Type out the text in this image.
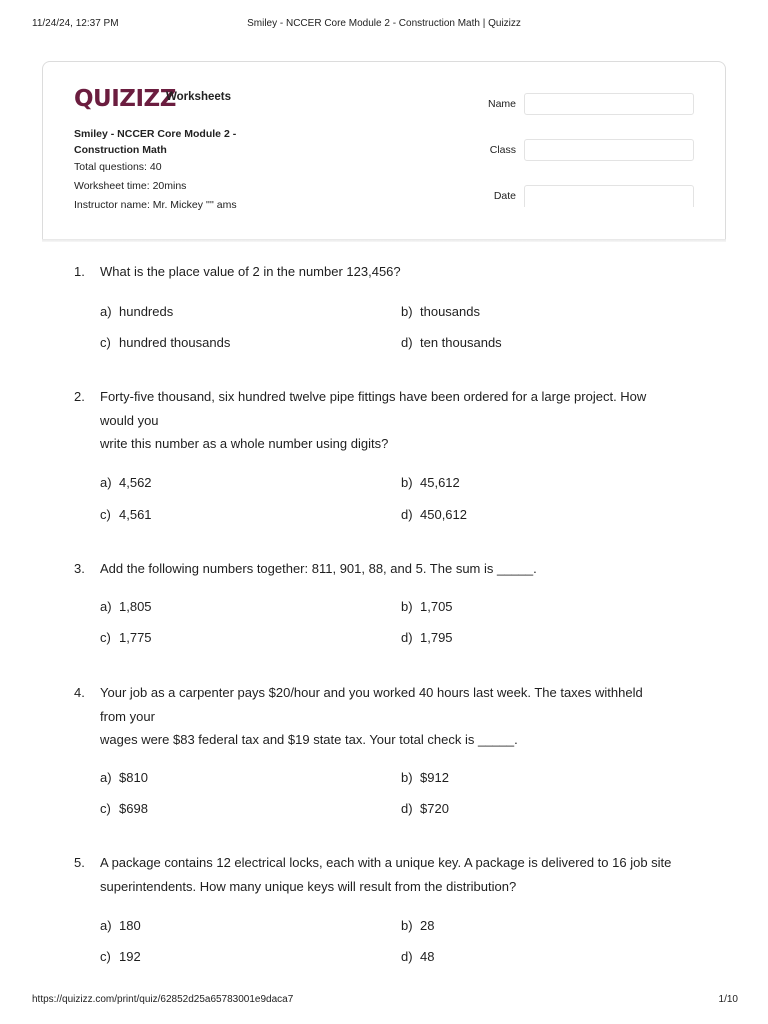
11/24/24, 12:37 PM	Smiley - NCCER Core Module 2 - Construction Math | Quizizz
QUIZIZZ
Worksheets
Smiley - NCCER Core Module 2 -
Construction Math
Total questions: 40
Worksheet time: 20mins
Instructor name: Mr. Mickey '''' ams
Name
Class
Date
1. What is the place value of 2 in the number 123,456?
a) hundreds	b) thousands
c) hundred thousands	d) ten thousands
2. Forty-five thousand, six hundred twelve pipe fittings have been ordered for a large project. How
would you
write this number as a whole number using digits?
a) 4,562	b) 45,612
c) 4,561	d) 450,612
3. Add the following numbers together: 811, 901, 88, and 5. The sum is _____.
a) 1,805	b) 1,705
c) 1,775	d) 1,795
4. Your job as a carpenter pays $20/hour and you worked 40 hours last week. The taxes withheld
from your
wages were $83 federal tax and $19 state tax. Your total check is _____.
a) $810	b) $912
c) $698	d) $720
5. A package contains 12 electrical locks, each with a unique key. A package is delivered to 16 job site
superintendents. How many unique keys will result from the distribution?
a) 180	b) 28
c) 192	d) 48
https://quizizz.com/print/quiz/62852d25a65783001e9daca7	1/10
